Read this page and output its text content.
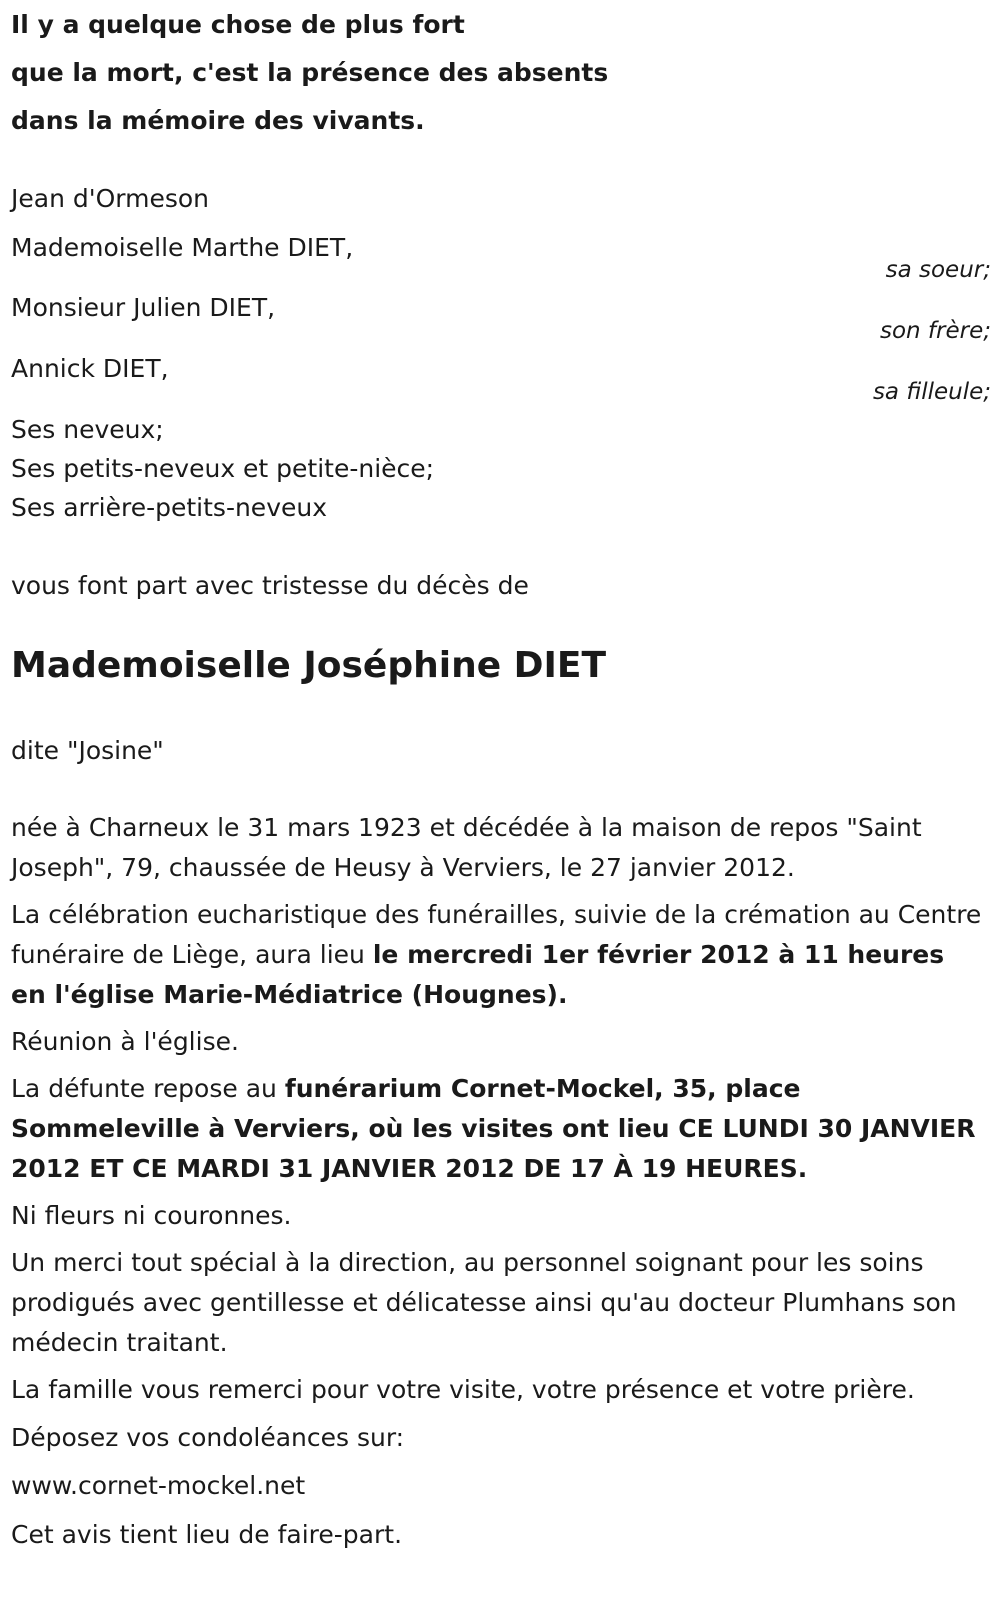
Il y a quelque chose de plus fort

que la mort, c'est la présence des absents

dans la mémoire des vivants.

Jean d'Ormeson

Mademoiselle Marthe DIET,

sa soeur;

Monsieur Julien DIET,

son frère;

Annick DIET,

sa filleule;

Ses neveux;

Ses petits-neveux et petite-nièce;

Ses arrière-petits-neveux

vous font part avec tristesse du décès de

Mademoiselle Joséphine DIET

dite "Josine"

née à Charneux le 31 mars 1923 et décédée à la maison de repos "Saint Joseph", 79, chaussée de Heusy à Verviers, le 27 janvier 2012.

La célébration eucharistique des funérailles, suivie de la crémation au Centre funéraire de Liège, aura lieu le mercredi 1er février 2012 à 11 heures en l'église Marie-Médiatrice (Hougnes).

Réunion à l'église.

La défunte repose au funérarium Cornet-Mockel, 35, place Sommeleville à Verviers, où les visites ont lieu CE LUNDI 30 JANVIER 2012 ET CE MARDI 31 JANVIER 2012 DE 17 À 19 HEURES.

Ni fleurs ni couronnes.

Un merci tout spécial à la direction, au personnel soignant pour les soins prodigués avec gentillesse et délicatesse ainsi qu'au docteur Plumhans son médecin traitant.

La famille vous remerci pour votre visite, votre présence et votre prière.

Déposez vos condoléances sur:

www.cornet-mockel.net

Cet avis tient lieu de faire-part.
